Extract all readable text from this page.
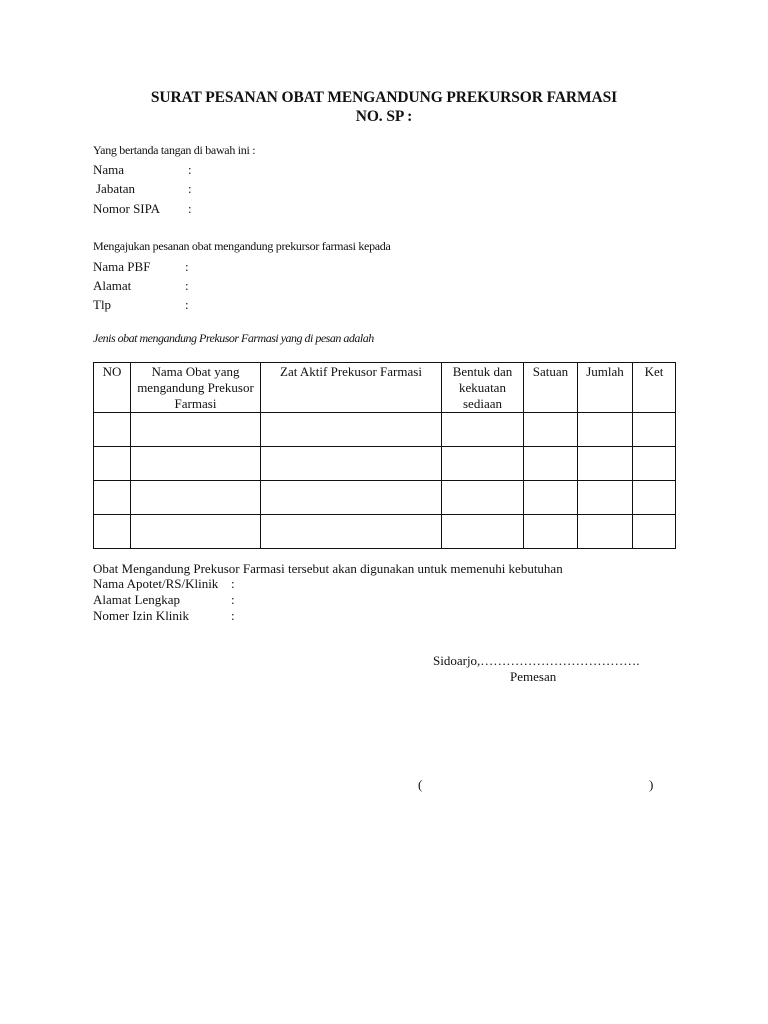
SURAT PESANAN OBAT MENGANDUNG PREKURSOR FARMASI
NO. SP :
Yang bertanda tangan di bawah ini :
Nama	:
Jabatan	:
Nomor SIPA :
Mengajukan pesanan obat mengandung prekursor farmasi kepada
Nama PBF	:
Alamat	:
Tlp	:
Jenis obat mengandung Prekusor Farmasi yang di pesan adalah
NO	Nama Obat yang mengandung Prekusor Farmasi	Zat Aktif Prekusor Farmasi	Bentuk dan kekuatan sediaan	Satuan	Jumlah	Ket

Obat Mengandung Prekusor Farmasi tersebut akan digunakan untuk memenuhi kebutuhan
Nama Apotet/RS/Klinik :
Alamat Lengkap	:
Nomer Izin Klinik	:
Sidoarjo,……………………………….
Pemesan
(	)
